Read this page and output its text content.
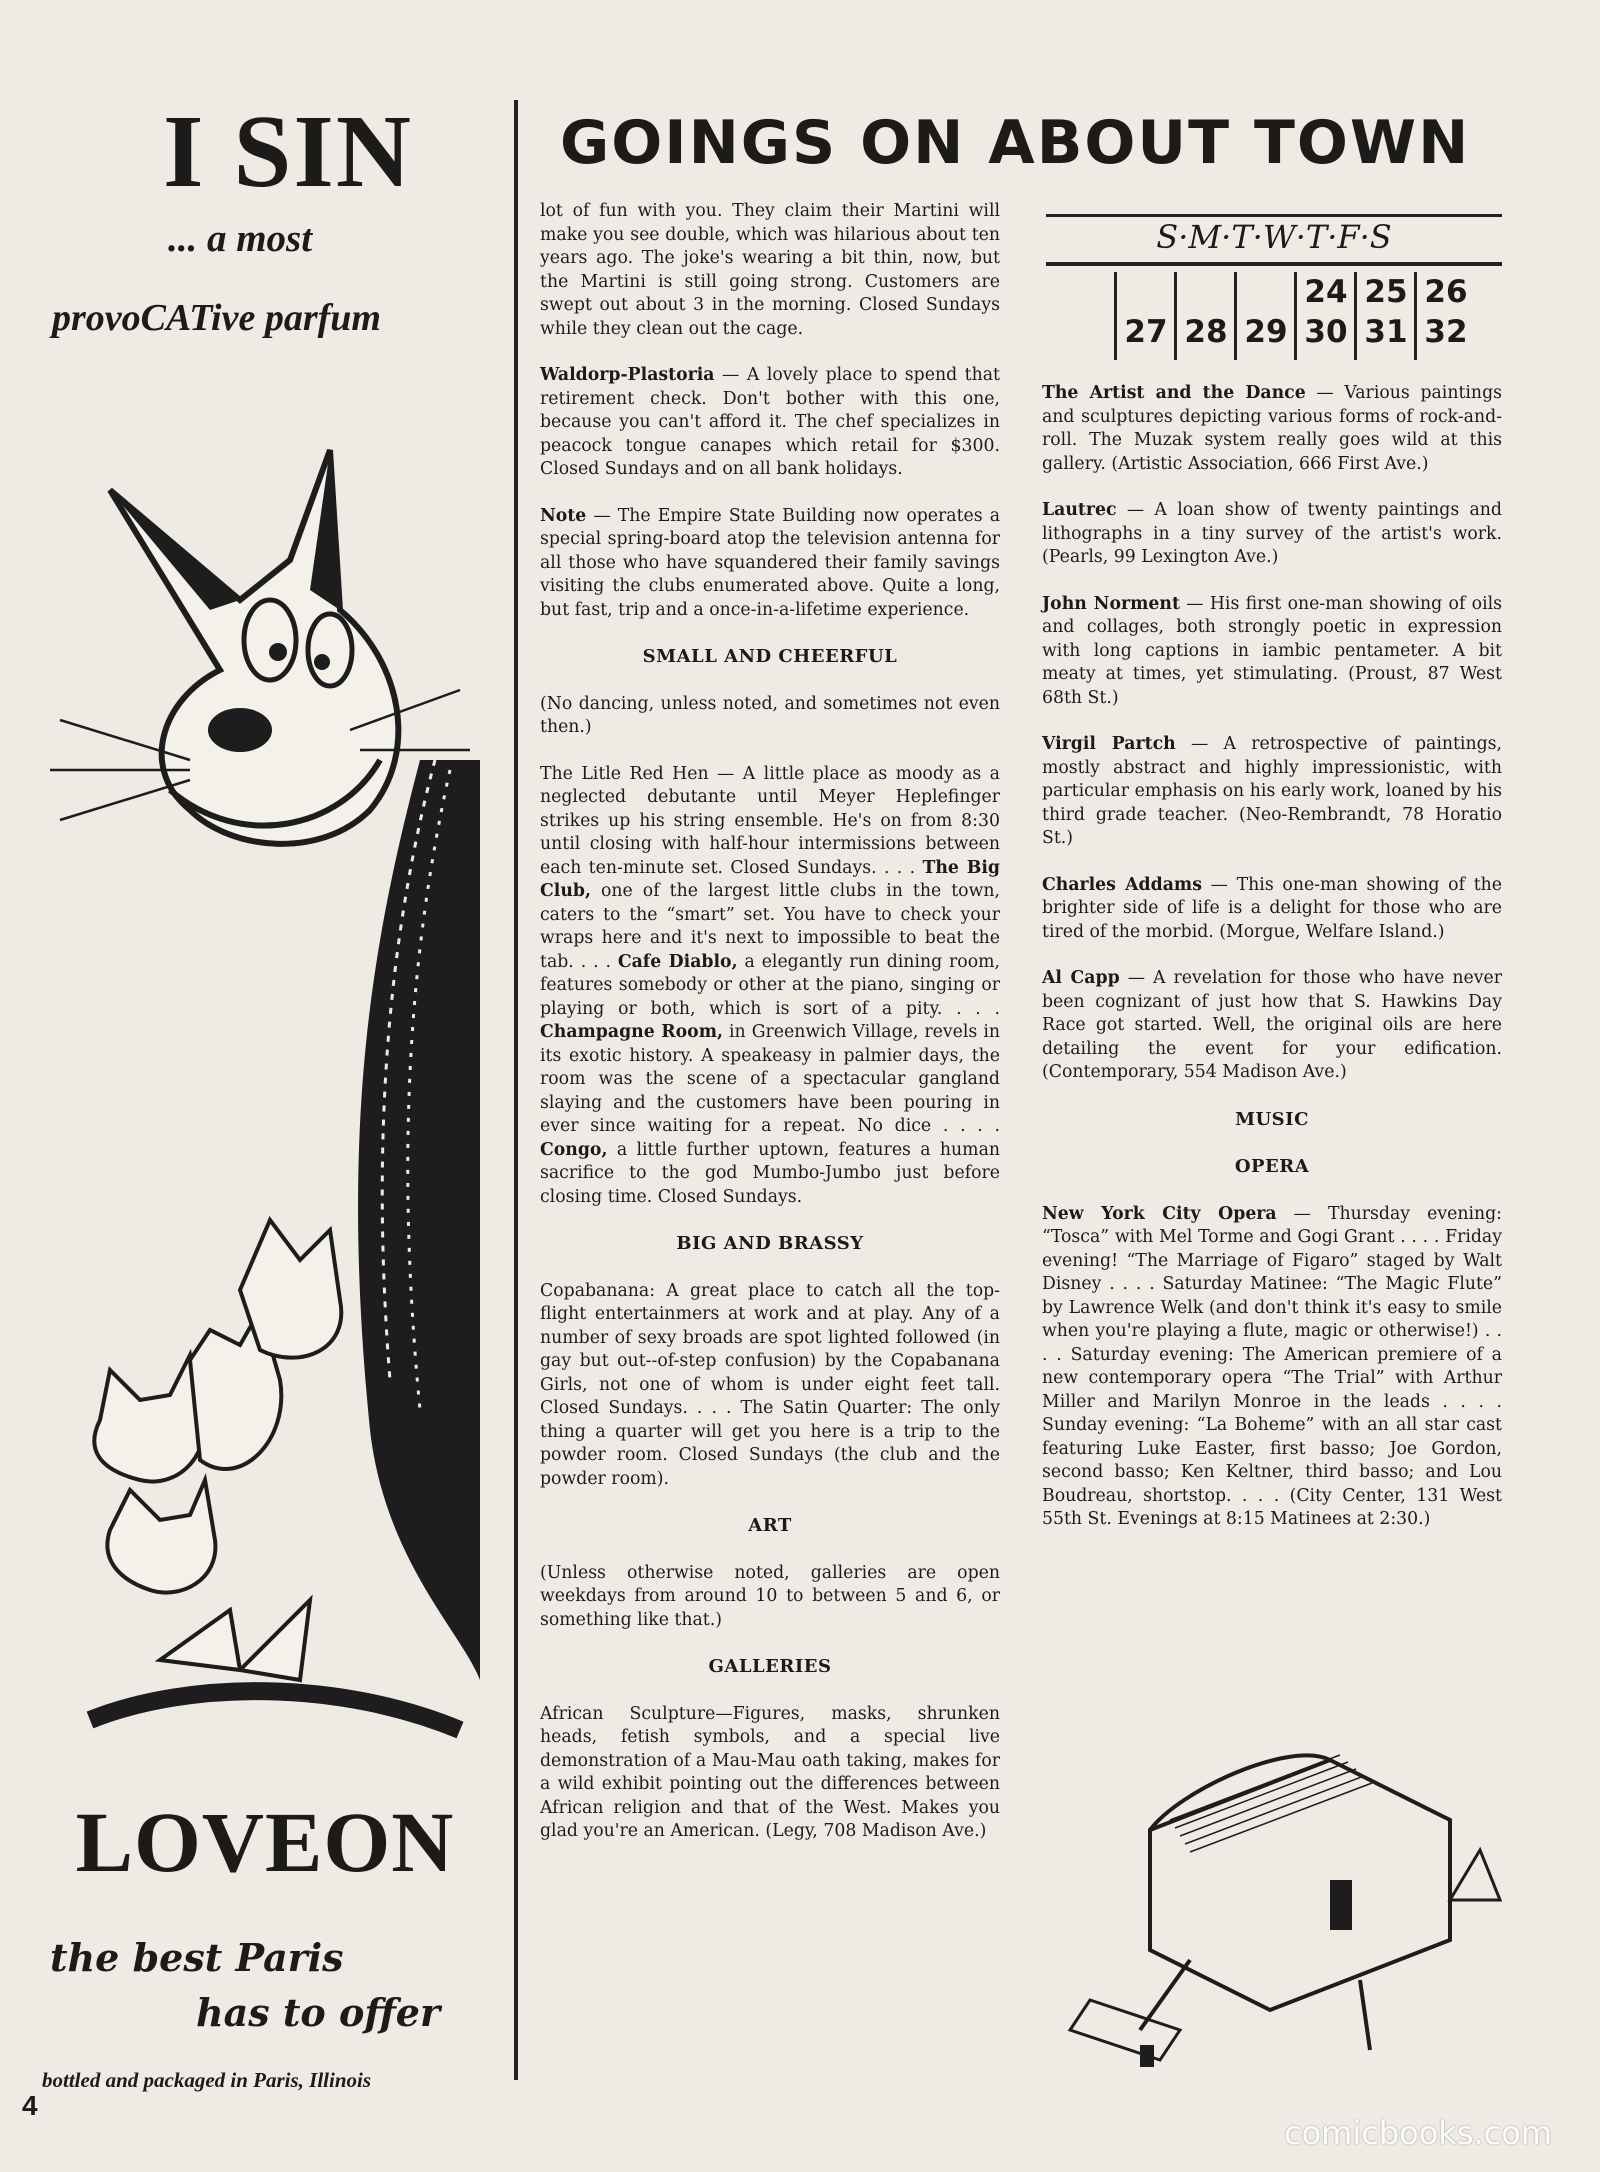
I SIN
... a most
provoCATive parfum
LOVEON
the best Paris
has to offer
bottled and packaged in Paris, Illinois
4
GOINGS ON ABOUT TOWN
S·M·T·W·T·F·S
24 25 26
27 28 29 30 31 32

lot of fun with you. They claim their Martini will make you see double, which was hilarious about ten years ago. The joke's wearing a bit thin, now, but the Martini is still going strong. Customers are swept out about 3 in the morning. Closed Sundays while they clean out the cage.

Waldorp-Plastoria — A lovely place to spend that retirement check. Don't bother with this one, because you can't afford it. The chef specializes in peacock tongue canapes which retail for $300. Closed Sundays and on all bank holidays.

Note — The Empire State Building now operates a special spring-board atop the television antenna for all those who have squandered their family savings visiting the clubs enumerated above. Quite a long, but fast, trip and a once-in-a-lifetime experience.

SMALL AND CHEERFUL

(No dancing, unless noted, and sometimes not even then.)

The Litle Red Hen — A little place as moody as a neglected debutante until Meyer Heplefinger strikes up his string ensemble. He's on from 8:30 until closing with half-hour intermissions between each ten-minute set. Closed Sundays. . . . The Big Club, one of the largest little clubs in the town, caters to the “smart” set. You have to check your wraps here and it's next to impossible to beat the tab. . . . Cafe Diablo, a elegantly run dining room, features somebody or other at the piano, singing or playing or both, which is sort of a pity. . . . Champagne Room, in Greenwich Village, revels in its exotic history. A speakeasy in palmier days, the room was the scene of a spectacular gangland slaying and the customers have been pouring in ever since waiting for a repeat. No dice . . . . Congo, a little further uptown, features a human sacrifice to the god Mumbo-Jumbo just before closing time. Closed Sundays.

BIG AND BRASSY

Copabanana: A great place to catch all the top-flight entertainmers at work and at play. Any of a number of sexy broads are spot lighted followed (in gay but out--of-step confusion) by the Copabanana Girls, not one of whom is under eight feet tall. Closed Sundays. . . . The Satin Quarter: The only thing a quarter will get you here is a trip to the powder room. Closed Sundays (the club and the powder room).

ART

(Unless otherwise noted, galleries are open weekdays from around 10 to between 5 and 6, or something like that.)

GALLERIES

African Sculpture—Figures, masks, shrunken heads, fetish symbols, and a special live demonstration of a Mau-Mau oath taking, makes for a wild exhibit pointing out the differences between African religion and that of the West. Makes you glad you're an American. (Legy, 708 Madison Ave.)

The Artist and the Dance — Various paintings and sculptures depicting various forms of rock-and-roll. The Muzak system really goes wild at this gallery. (Artistic Association, 666 First Ave.)

Lautrec — A loan show of twenty paintings and lithographs in a tiny survey of the artist's work. (Pearls, 99 Lexington Ave.)

John Norment — His first one-man showing of oils and collages, both strongly poetic in expression with long captions in iambic pentameter. A bit meaty at times, yet stimulating. (Proust, 87 West 68th St.)

Virgil Partch — A retrospective of paintings, mostly abstract and highly impressionistic, with particular emphasis on his early work, loaned by his third grade teacher. (Neo-Rembrandt, 78 Horatio St.)

Charles Addams — This one-man showing of the brighter side of life is a delight for those who are tired of the morbid. (Morgue, Welfare Island.)

Al Capp — A revelation for those who have never been cognizant of just how that S. Hawkins Day Race got started. Well, the original oils are here detailing the event for your edification. (Contemporary, 554 Madison Ave.)

MUSIC
OPERA

New York City Opera — Thursday evening: “Tosca” with Mel Torme and Gogi Grant . . . . Friday evening! “The Marriage of Figaro” staged by Walt Disney . . . . Saturday Matinee: “The Magic Flute” by Lawrence Welk (and don't think it's easy to smile when you're playing a flute, magic or otherwise!) . . . . Saturday evening: The American premiere of a new contemporary opera “The Trial” with Arthur Miller and Marilyn Monroe in the leads . . . . Sunday evening: “La Boheme” with an all star cast featuring Luke Easter, first basso; Joe Gordon, second basso; Ken Keltner, third basso; and Lou Boudreau, shortstop. . . . (City Center, 131 West 55th St. Evenings at 8:15 Matinees at 2:30.)

comicbooks.com
